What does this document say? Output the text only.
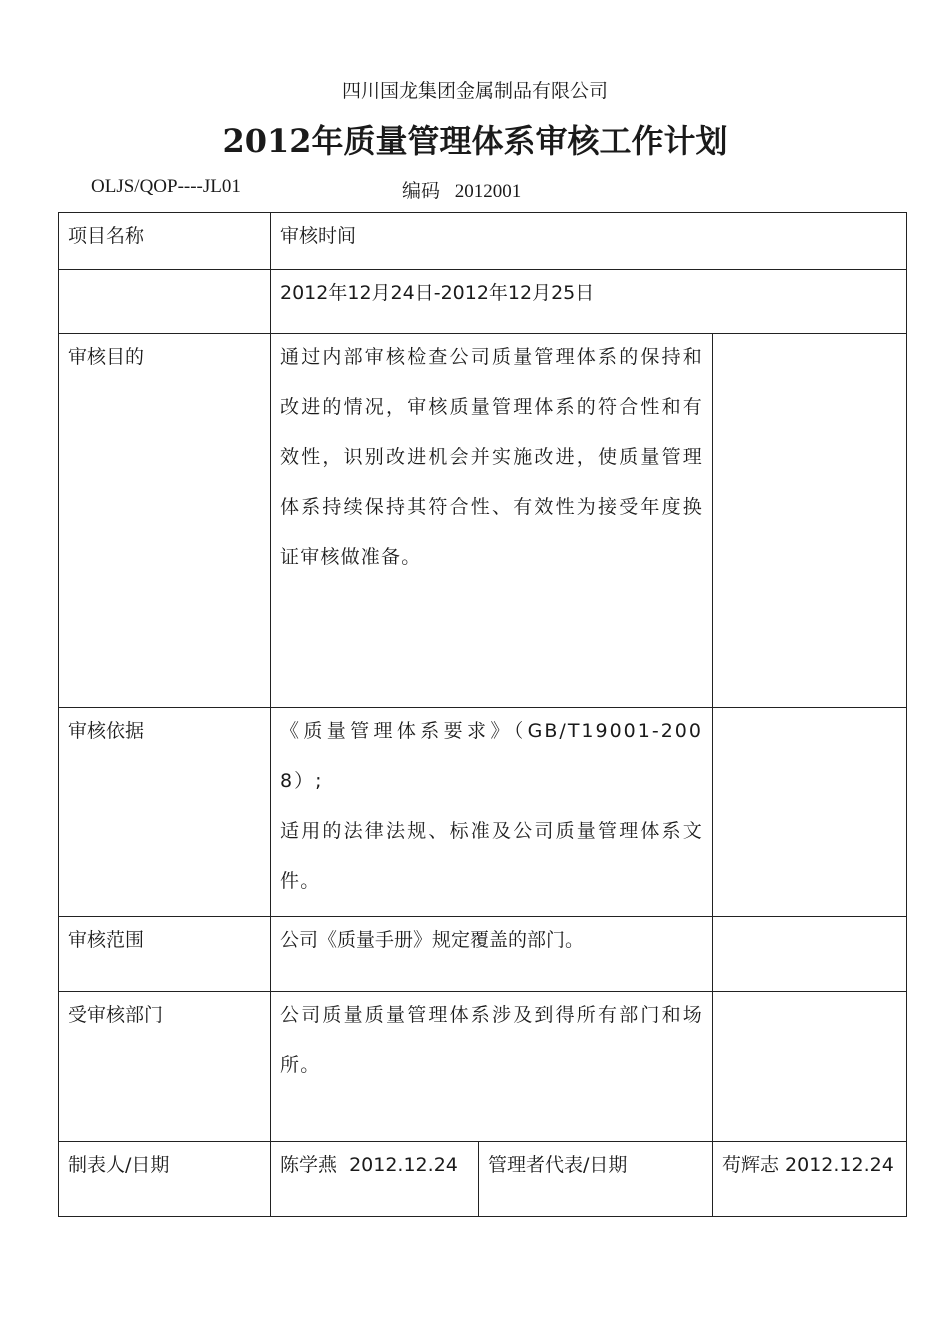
四川国龙集团金属制品有限公司
2012年质量管理体系审核工作计划
OLJS/QOP----JL01	编码 2012001
项目名称	审核时间		
	2012年12月24日-2012年12月25日		
审核目的	通过内部审核检查公司质量管理体系的保持和改进的情况，审核质量管理体系的符合性和有效性，识别改进机会并实施改进，使质量管理体系持续保持其符合性、有效性为接受年度换证审核做准备。		

审核依据	《质量管理体系要求》（GB/T19001-2008）;
适用的法律法规、标准及公司质量管理体系文件。		

审核范围	公司《质量手册》规定覆盖的部门。		
受审核部门	公司质量质量管理体系涉及到得所有部门和场所。		

制表人/日期	陈学燕  2012.12.24	管理者代表/日期	苟辉志 2012.12.24
